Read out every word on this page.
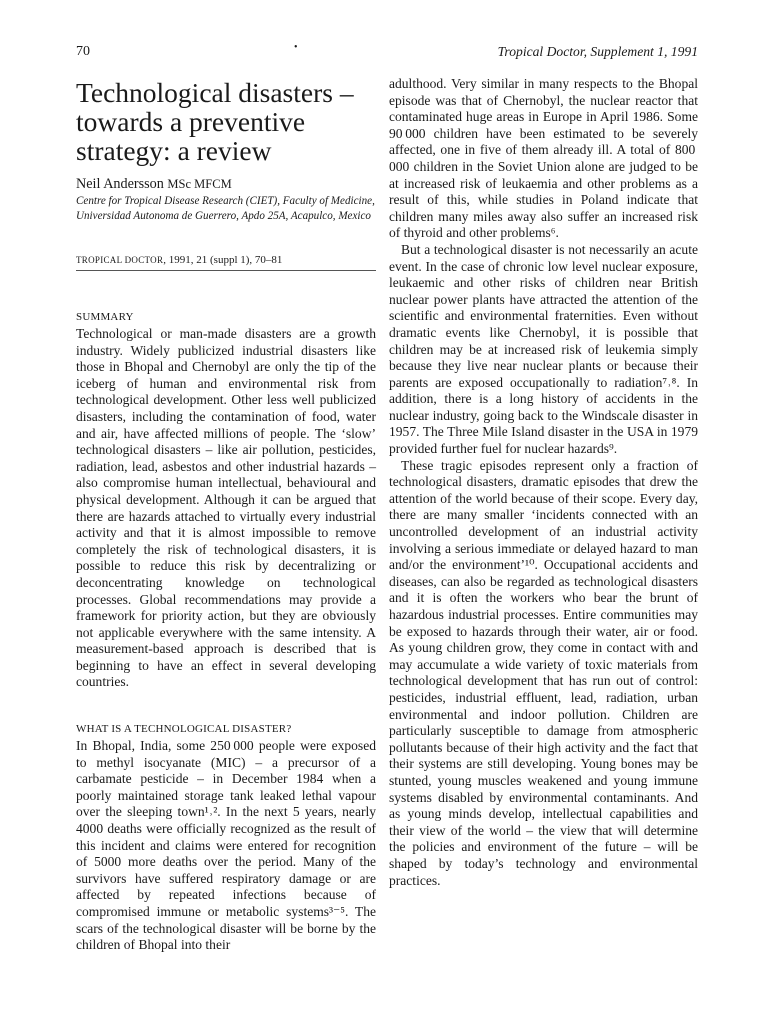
70	•	Tropical Doctor, Supplement 1, 1991
Technological disasters – towards a preventive strategy: a review
Neil Andersson MSc MFCM
Centre for Tropical Disease Research (CIET), Faculty of Medicine, Universidad Autonoma de Guerrero, Apdo 25A, Acapulco, Mexico
TROPICAL DOCTOR, 1991, 21 (suppl 1), 70–81
SUMMARY

Technological or man-made disasters are a growth industry. Widely publicized industrial disasters like those in Bhopal and Chernobyl are only the tip of the iceberg of human and environmental risk from technological development. Other less well publicized disasters, including the contamination of food, water and air, have affected millions of people. The ‘slow’ technological disasters – like air pollution, pesticides, radiation, lead, asbestos and other industrial hazards – also compromise human intellectual, behavioural and physical development. Although it can be argued that there are hazards attached to virtually every industrial activity and that it is almost impossible to remove completely the risk of technological disasters, it is possible to reduce this risk by decentralizing or deconcentrating knowledge on technological processes. Global recommendations may provide a framework for priority action, but they are obviously not applicable everywhere with the same intensity. A measurement-based approach is described that is beginning to have an effect in several developing countries.

WHAT IS A TECHNOLOGICAL DISASTER?

In Bhopal, India, some 250 000 people were exposed to methyl isocyanate (MIC) – a precursor of a carbamate pesticide – in December 1984 when a poorly maintained storage tank leaked lethal vapour over the sleeping town¹˒². In the next 5 years, nearly 4000 deaths were officially recognized as the result of this incident and claims were entered for recognition of 5000 more deaths over the period. Many of the survivors have suffered respiratory damage or are affected by repeated infections because of compromised immune or metabolic systems³⁻⁵. The scars of the technological disaster will be borne by the children of Bhopal into their

adulthood. Very similar in many respects to the Bhopal episode was that of Chernobyl, the nuclear reactor that contaminated huge areas in Europe in April 1986. Some 90 000 children have been estimated to be severely affected, one in five of them already ill. A total of 800 000 children in the Soviet Union alone are judged to be at increased risk of leukaemia and other problems as a result of this, while studies in Poland indicate that children many miles away also suffer an increased risk of thyroid and other problems⁶.

But a technological disaster is not necessarily an acute event. In the case of chronic low level nuclear exposure, leukaemic and other risks of children near British nuclear power plants have attracted the attention of the scientific and environmental fraternities. Even without dramatic events like Chernobyl, it is possible that children may be at increased risk of leukemia simply because they live near nuclear plants or because their parents are exposed occupationally to radiation⁷˒⁸. In addition, there is a long history of accidents in the nuclear industry, going back to the Windscale disaster in 1957. The Three Mile Island disaster in the USA in 1979 provided further fuel for nuclear hazards⁹.

These tragic episodes represent only a fraction of technological disasters, dramatic episodes that drew the attention of the world because of their scope. Every day, there are many smaller ‘incidents connected with an uncontrolled development of an industrial activity involving a serious immediate or delayed hazard to man and/or the environment’¹⁰. Occupational accidents and diseases, can also be regarded as technological disasters and it is often the workers who bear the brunt of hazardous industrial processes. Entire communities may be exposed to hazards through their water, air or food. As young children grow, they come in contact with and may accumulate a wide variety of toxic materials from technological development that has run out of control: pesticides, industrial effluent, lead, radiation, urban environmental and indoor pollution. Children are particularly susceptible to damage from atmospheric pollutants because of their high activity and the fact that their systems are still developing. Young bones may be stunted, young muscles weakened and young immune systems disabled by environmental contaminants. And as young minds develop, intellectual capabilities and their view of the world – the view that will determine the policies and environment of the future – will be shaped by today’s technology and environmental practices.
